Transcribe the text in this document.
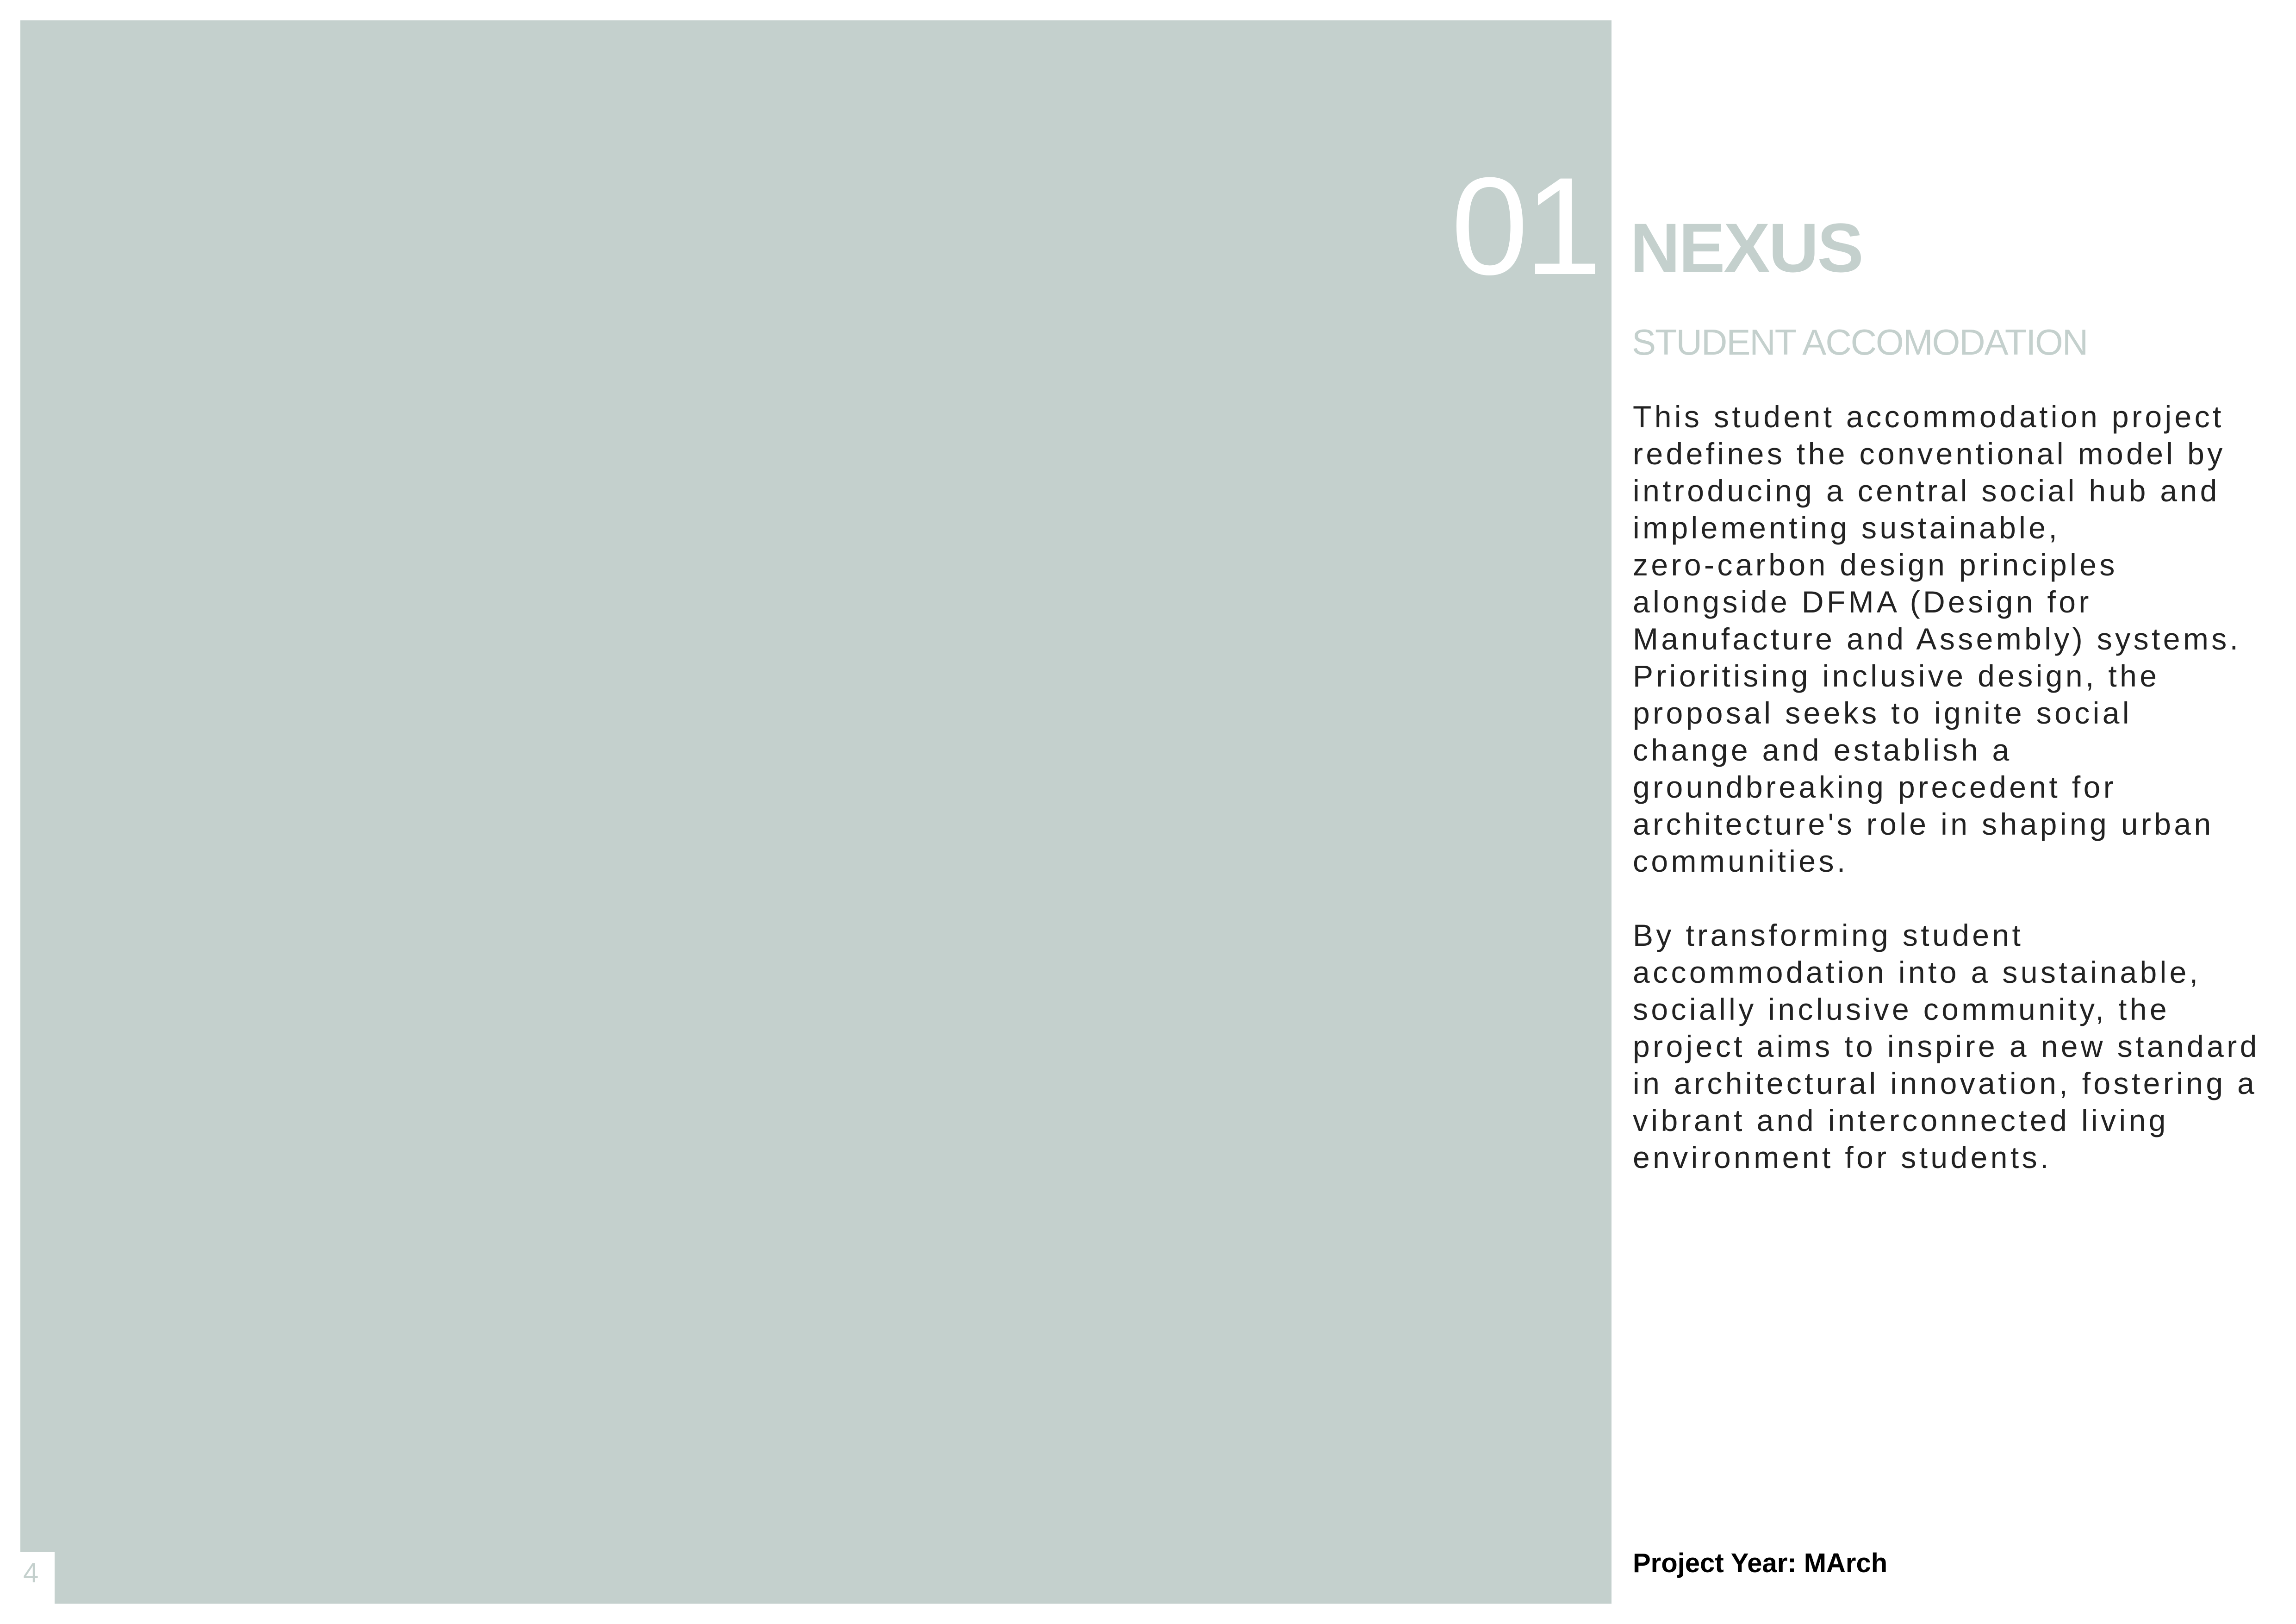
4
01 NEXUS
STUDENT ACCOMODATION

This student accommodation project
redefines the conventional model by
introducing a central social hub and
implementing sustainable,
zero-carbon design principles
alongside DFMA (Design for
Manufacture and Assembly) systems.
Prioritising inclusive design, the
proposal seeks to ignite social
change and establish a
groundbreaking precedent for
architecture's role in shaping urban
communities.

By transforming student
accommodation into a sustainable,
socially inclusive community, the
project aims to inspire a new standard
in architectural innovation, fostering a
vibrant and interconnected living
environment for students.

Project Year: MArch
